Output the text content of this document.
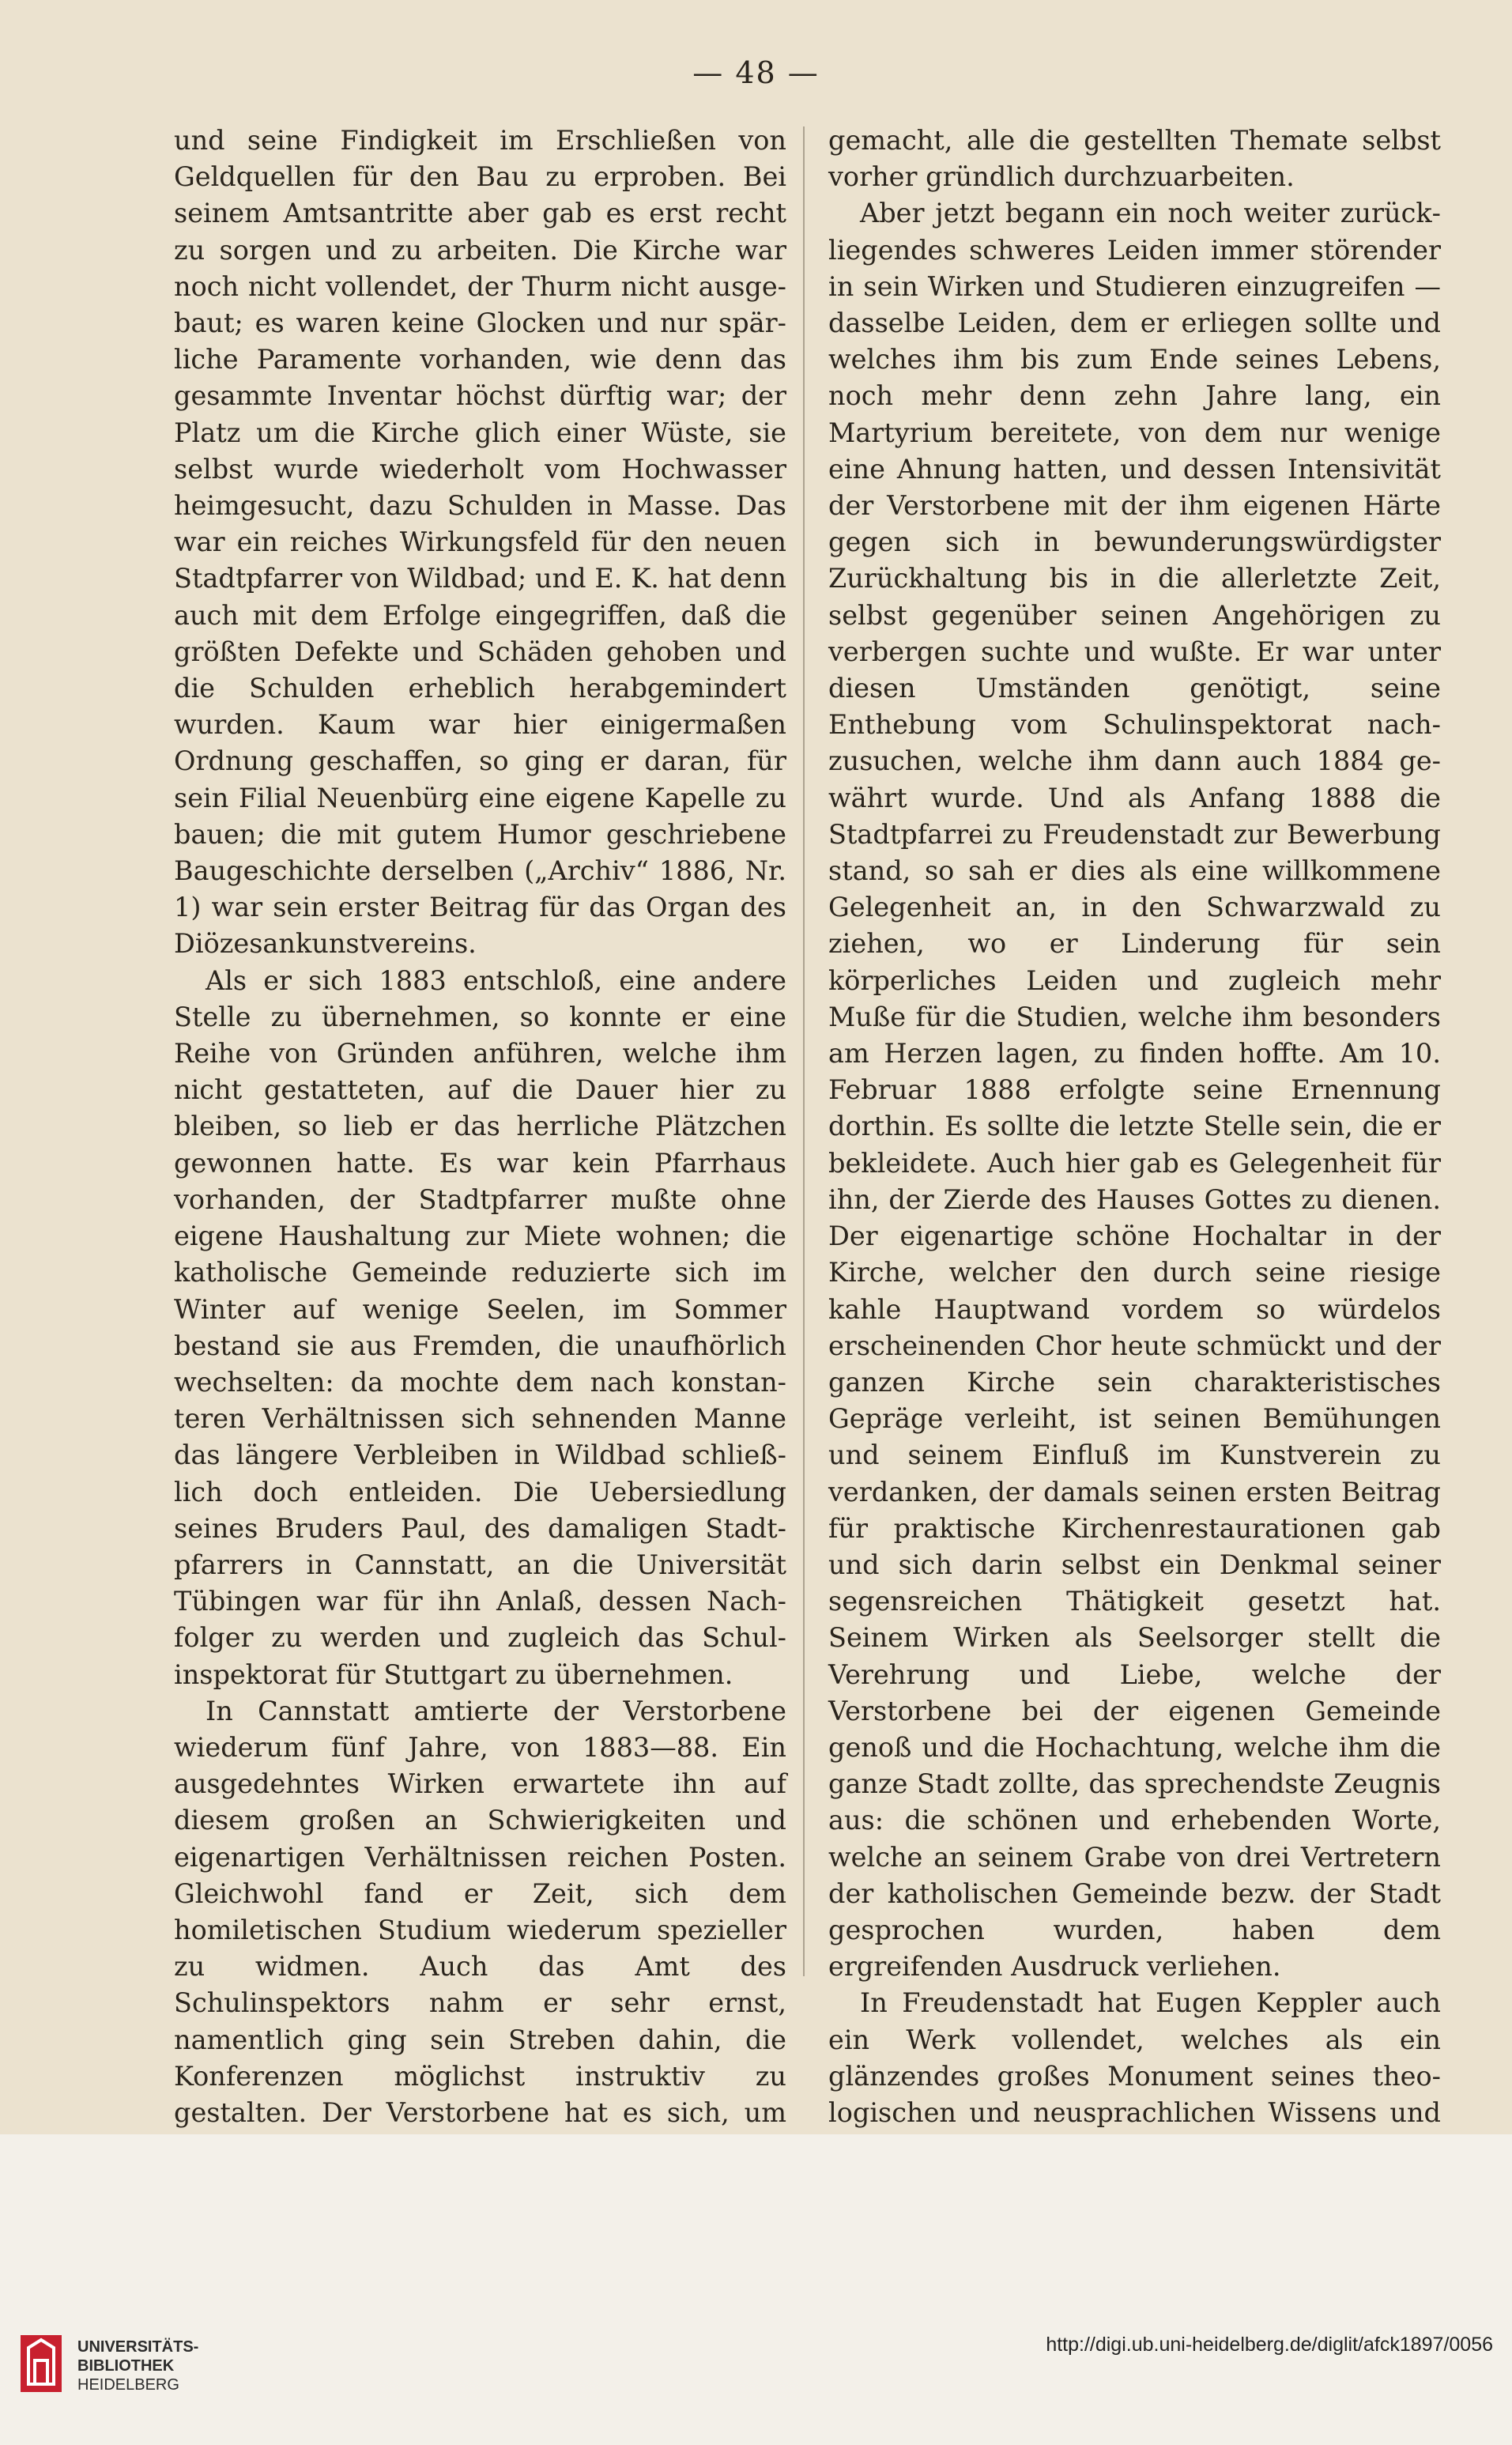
— 48 —

und seine Findigkeit im Erschließen von Geldquellen für den Bau zu erproben. Bei seinem Amtsantritte aber gab es erst recht zu sorgen und zu arbeiten. Die Kirche war noch nicht vollendet, der Thurm nicht ausgebaut; es waren keine Glocken und nur spärliche Paramente vorhanden, wie denn das gesammte Inventar höchst dürftig war; der Platz um die Kirche glich einer Wüste, sie selbst wurde wiederholt vom Hochwasser heimgesucht, dazu Schulden in Masse. Das war ein reiches Wirkungsfeld für den neuen Stadtpfarrer von Wildbad; und E. K. hat denn auch mit dem Erfolge eingegriffen, daß die größten Defekte und Schäden gehoben und die Schulden erheblich herabgemindert wurden. Kaum war hier einigermaßen Ordnung geschaffen, so ging er daran, für sein Filial Neuenbürg eine eigene Kapelle zu bauen; die mit gutem Humor geschriebene Baugeschichte derselben („Archiv“ 1886, Nr. 1) war sein erster Beitrag für das Organ des Diözesankunstvereins.

Als er sich 1883 entschloß, eine andere Stelle zu übernehmen, so konnte er eine Reihe von Gründen anführen, welche ihm nicht gestatteten, auf die Dauer hier zu bleiben, so lieb er das herrliche Plätzchen gewonnen hatte. Es war kein Pfarrhaus vorhanden, der Stadtpfarrer mußte ohne eigene Haushaltung zur Miete wohnen; die katholische Gemeinde reduzierte sich im Winter auf wenige Seelen, im Sommer bestand sie aus Fremden, die unaufhörlich wechselten: da mochte dem nach konstanteren Verhältnissen sich sehnenden Manne das längere Verbleiben in Wildbad schließlich doch entleiden. Die Uebersiedlung seines Bruders Paul, des damaligen Stadtpfarrers in Cannstatt, an die Universität Tübingen war für ihn Anlaß, dessen Nachfolger zu werden und zugleich das Schulinspektorat für Stuttgart zu übernehmen.

In Cannstatt amtierte der Verstorbene wiederum fünf Jahre, von 1883—88. Ein ausgedehntes Wirken erwartete ihn auf diesem großen an Schwierigkeiten und eigenartigen Verhältnissen reichen Posten. Gleichwohl fand er Zeit, sich dem homiletischen Studium wiederum spezieller zu widmen. Auch das Amt des Schulinspektors nahm er sehr ernst, namentlich ging sein Streben dahin, die Konferenzen möglichst instruktiv zu gestalten. Der Verstorbene hat es sich, um

gemacht, alle die gestellten Themate selbst vorher gründlich durchzuarbeiten.

Aber jetzt begann ein noch weiter zurückliegendes schweres Leiden immer störender in sein Wirken und Studieren einzugreifen — dasselbe Leiden, dem er erliegen sollte und welches ihm bis zum Ende seines Lebens, noch mehr denn zehn Jahre lang, ein Martyrium bereitete, von dem nur wenige eine Ahnung hatten, und dessen Intensivität der Verstorbene mit der ihm eigenen Härte gegen sich in bewunderungswürdigster Zurückhaltung bis in die allerletzte Zeit, selbst gegenüber seinen Angehörigen zu verbergen suchte und wußte. Er war unter diesen Umständen genötigt, seine Enthebung vom Schulinspektorat nachzusuchen, welche ihm dann auch 1884 gewährt wurde. Und als Anfang 1888 die Stadtpfarrei zu Freudenstadt zur Bewerbung stand, so sah er dies als eine willkommene Gelegenheit an, in den Schwarzwald zu ziehen, wo er Linderung für sein körperliches Leiden und zugleich mehr Muße für die Studien, welche ihm besonders am Herzen lagen, zu finden hoffte. Am 10. Februar 1888 erfolgte seine Ernennung dorthin. Es sollte die letzte Stelle sein, die er bekleidete. Auch hier gab es Gelegenheit für ihn, der Zierde des Hauses Gottes zu dienen. Der eigenartige schöne Hochaltar in der Kirche, welcher den durch seine riesige kahle Hauptwand vordem so würdelos erscheinenden Chor heute schmückt und der ganzen Kirche sein charakteristisches Gepräge verleiht, ist seinen Bemühungen und seinem Einfluß im Kunstverein zu verdanken, der damals seinen ersten Beitrag für praktische Kirchenrestaurationen gab und sich darin selbst ein Denkmal seiner segensreichen Thätigkeit gesetzt hat. Seinem Wirken als Seelsorger stellt die Verehrung und Liebe, welche der Verstorbene bei der eigenen Gemeinde genoß und die Hochachtung, welche ihm die ganze Stadt zollte, das sprechendste Zeugnis aus: die schönen und erhebenden Worte, welche an seinem Grabe von drei Vertretern der katholischen Gemeinde bezw. der Stadt gesprochen wurden, haben dem ergreifenden Ausdruck verliehen.

In Freudenstadt hat Eugen Keppler auch ein Werk vollendet, welches als ein glänzendes großes Monument seines theologischen und neusprachlichen Wissens und

UNIVERSITÄTS-
BIBLIOTHEK
HEIDELBERG
http://digi.ub.uni-heidelberg.de/diglit/afck1897/0056
